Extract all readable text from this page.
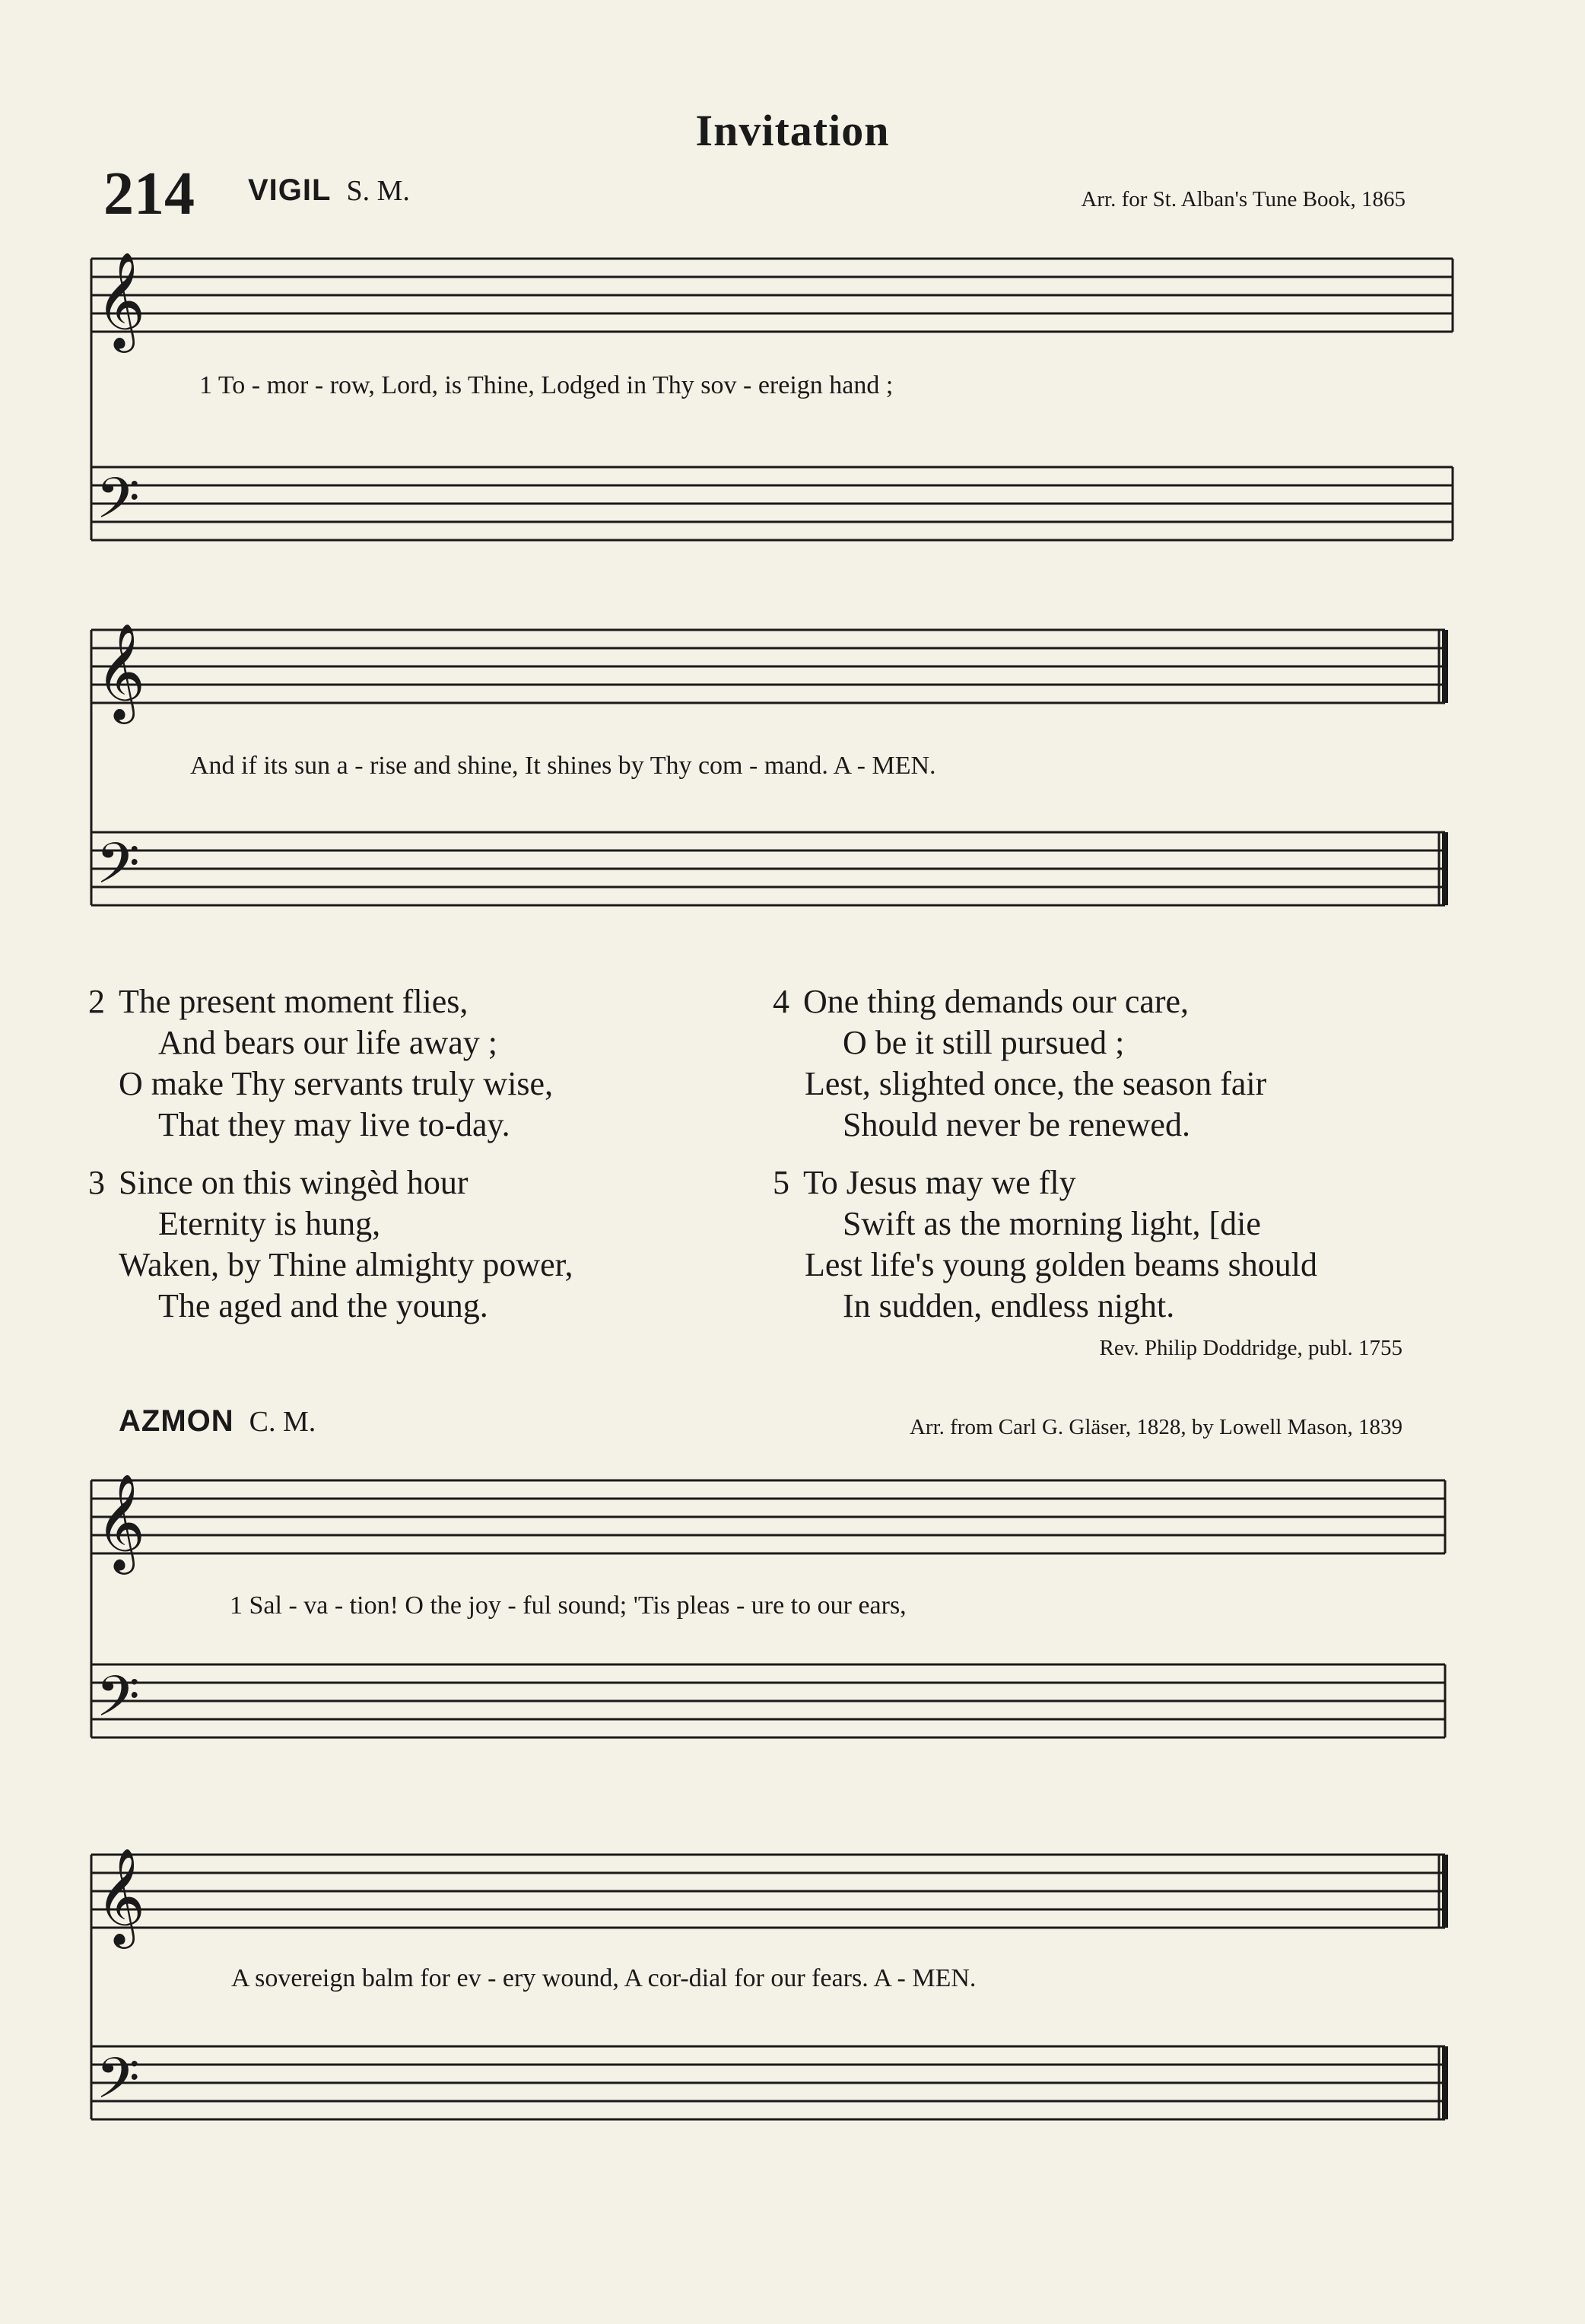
Invitation
214 VIGIL S. M.	Arr. for St. Alban's Tune Book, 1865
𝄞
𝄢
𝄞
𝄢
𝄞
𝄢
𝄞
𝄢
1 To - mor - row, Lord, is Thine, Lodged in Thy sov - ereign hand ;
And if its sun a - rise and shine, It shines by Thy com - mand. A - MEN.
2 The present moment flies,
And bears our life away ;
O make Thy servants truly wise,
That they may live to-day.
3 Since on this wingèd hour
Eternity is hung,
Waken, by Thine almighty power,
The aged and the young.
4 One thing demands our care,
O be it still pursued ;
Lest, slighted once, the season fair
Should never be renewed.
5 To Jesus may we fly
Swift as the morning light, [die
Lest life's young golden beams should
In sudden, endless night.
Rev. Philip Doddridge, publ. 1755
AZMON C. M.	Arr. from Carl G. Gläser, 1828, by Lowell Mason, 1839
1 Sal - va - tion! O the joy - ful sound; 'Tis pleas - ure to our ears,
A sovereign balm for ev - ery wound, A cor-dial for our fears. A - MEN.
